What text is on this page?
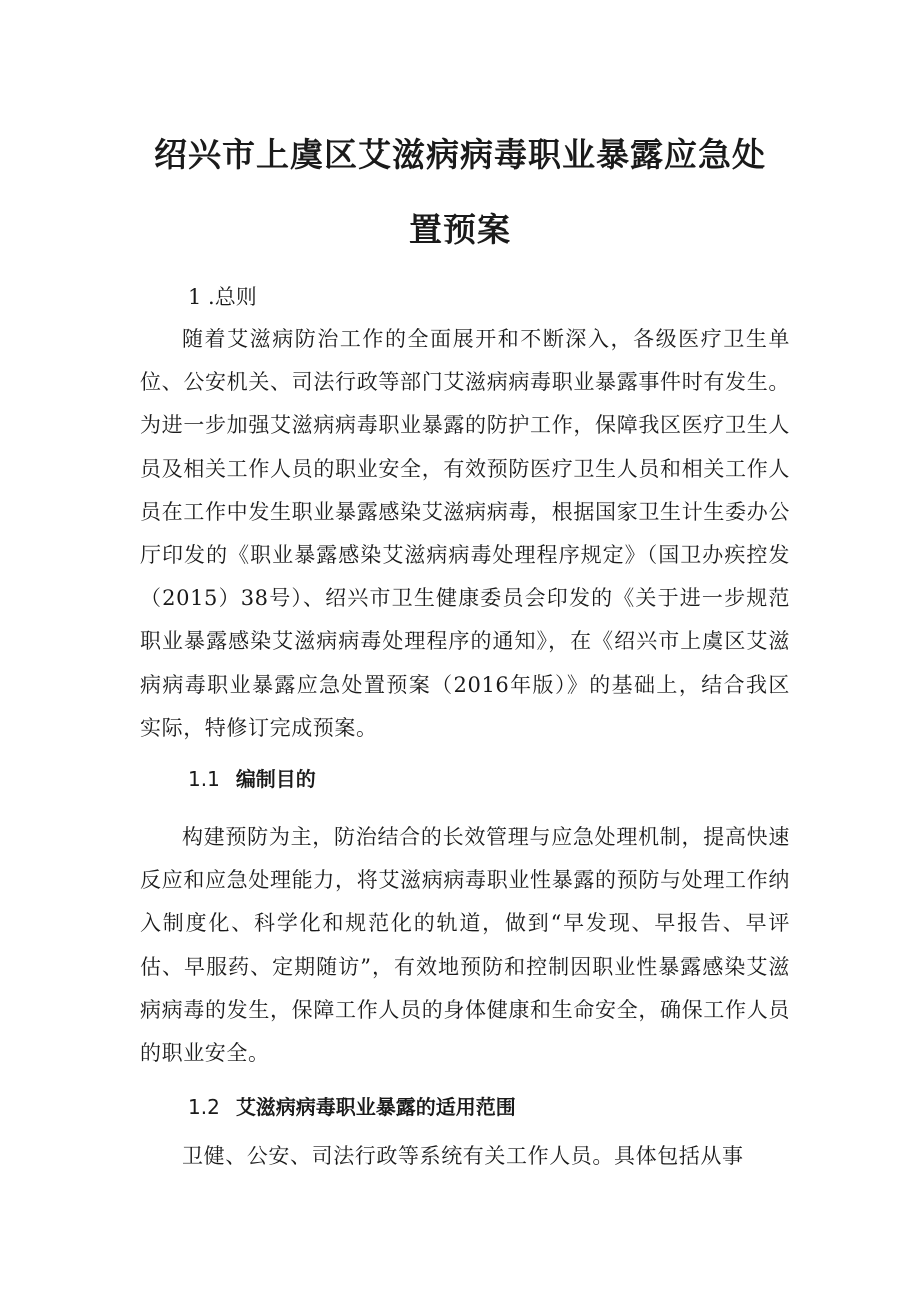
绍兴市上虞区艾滋病病毒职业暴露应急处
置预案
1 .总则
随着艾滋病防治工作的全面展开和不断深入，各级医疗卫生单位、公安机关、司法行政等部门艾滋病病毒职业暴露事件时有发生。为进一步加强艾滋病病毒职业暴露的防护工作，保障我区医疗卫生人员及相关工作人员的职业安全，有效预防医疗卫生人员和相关工作人员在工作中发生职业暴露感染艾滋病病毒，根据国家卫生计生委办公厅印发的《职业暴露感染艾滋病病毒处理程序规定》（国卫办疾控发（2015）38号）、绍兴市卫生健康委员会印发的《关于进一步规范职业暴露感染艾滋病病毒处理程序的通知》，在《绍兴市上虞区艾滋病病毒职业暴露应急处置预案（2016年版）》的基础上，结合我区实际，特修订完成预案。
1.1 编制目的
构建预防为主，防治结合的长效管理与应急处理机制，提高快速反应和应急处理能力，将艾滋病病毒职业性暴露的预防与处理工作纳入制度化、科学化和规范化的轨道，做到“早发现、早报告、早评估、早服药、定期随访”，有效地预防和控制因职业性暴露感染艾滋病病毒的发生，保障工作人员的身体健康和生命安全，确保工作人员的职业安全。
1.2 艾滋病病毒职业暴露的适用范围
卫健、公安、司法行政等系统有关工作人员。具体包括从事
